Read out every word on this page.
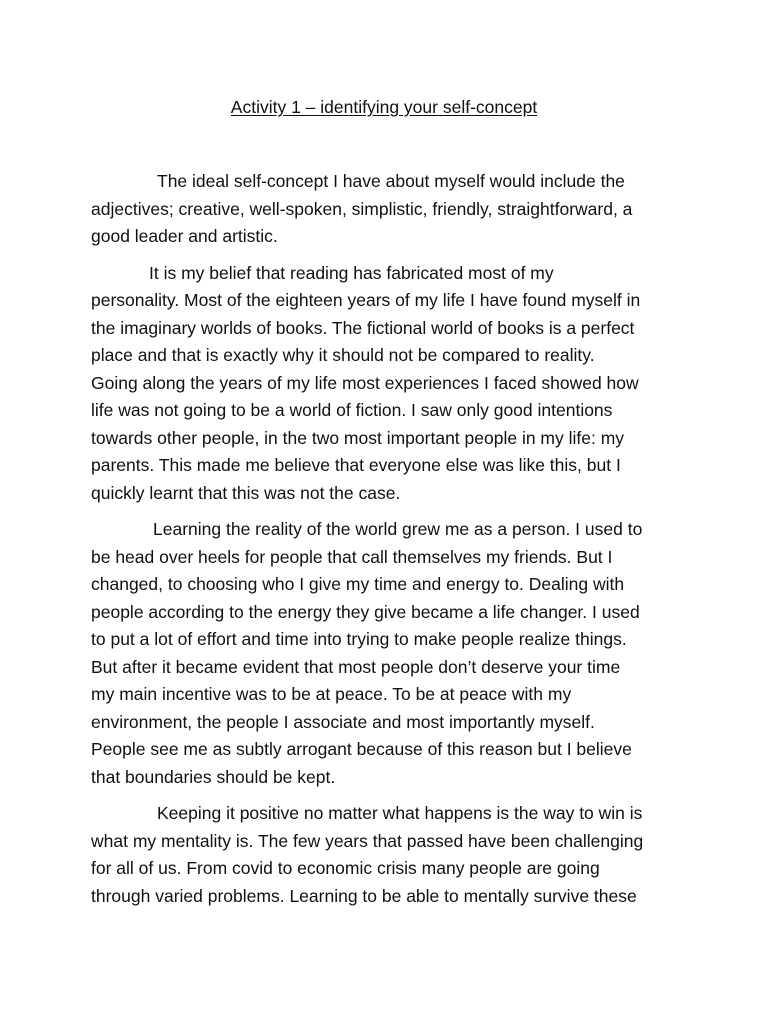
Activity 1 – identifying your self-concept

The ideal self-concept I have about myself would include the
adjectives; creative, well-spoken, simplistic, friendly, straightforward, a
good leader and artistic.

It is my belief that reading has fabricated most of my
personality. Most of the eighteen years of my life I have found myself in
the imaginary worlds of books. The fictional world of books is a perfect
place and that is exactly why it should not be compared to reality.
Going along the years of my life most experiences I faced showed how
life was not going to be a world of fiction. I saw only good intentions
towards other people, in the two most important people in my life: my
parents. This made me believe that everyone else was like this, but I
quickly learnt that this was not the case.

Learning the reality of the world grew me as a person. I used to
be head over heels for people that call themselves my friends. But I
changed, to choosing who I give my time and energy to. Dealing with
people according to the energy they give became a life changer. I used
to put a lot of effort and time into trying to make people realize things.
But after it became evident that most people don’t deserve your time
my main incentive was to be at peace. To be at peace with my
environment, the people I associate and most importantly myself.
People see me as subtly arrogant because of this reason but I believe
that boundaries should be kept.

Keeping it positive no matter what happens is the way to win is
what my mentality is. The few years that passed have been challenging
for all of us. From covid to economic crisis many people are going
through varied problems. Learning to be able to mentally survive these
